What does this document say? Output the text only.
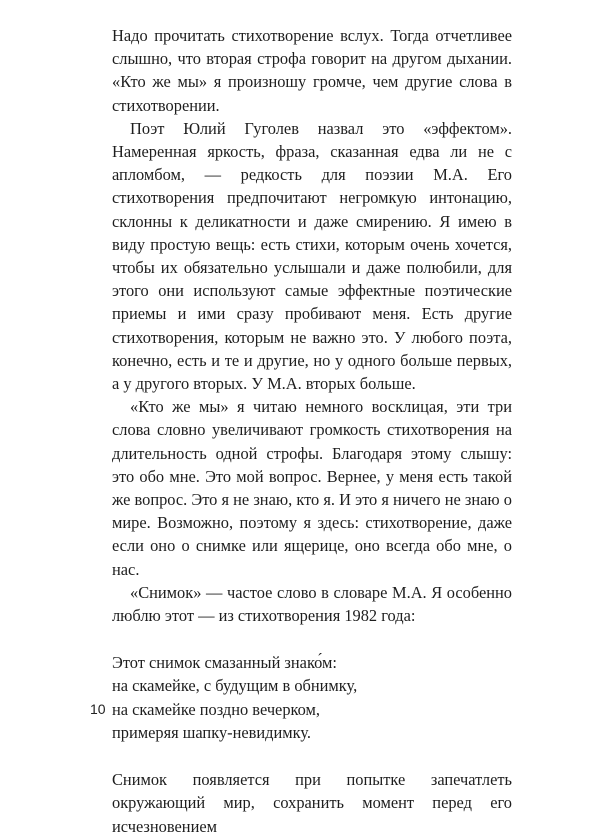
Надо прочитать стихотворение вслух. Тогда отчетливее слышно, что вторая строфа говорит на другом дыхании. «Кто же мы» я произношу громче, чем другие слова в стихотворении.

Поэт Юлий Гуголев назвал это «эффектом». Намеренная яркость, фраза, сказанная едва ли не с апломбом, — редкость для поэзии М.А. Его стихотворения предпочитают негромкую интонацию, склонны к деликатности и даже смирению. Я имею в виду простую вещь: есть стихи, которым очень хочется, чтобы их обязательно услышали и даже полюбили, для этого они используют самые эффектные поэтические приемы и ими сразу пробивают меня. Есть другие стихотворения, которым не важно это. У любого поэта, конечно, есть и те и другие, но у одного больше первых, а у другого вторых. У М.А. вторых больше.

«Кто же мы» я читаю немного восклицая, эти три слова словно увеличивают громкость стихотворения на длительность одной строфы. Благодаря этому слышу: это обо мне. Это мой вопрос. Вернее, у меня есть такой же вопрос. Это я не знаю, кто я. И это я ничего не знаю о мире. Возможно, поэтому я здесь: стихотворение, даже если оно о снимке или ящерице, оно всегда обо мне, о нас.

«Снимок» — частое слово в словаре М.А. Я особенно люблю этот — из стихотворения 1982 года:

Этот снимок смазанный знако́м:
на скамейке, с будущим в обнимку,
на скамейке поздно вечерком,
примеряя шапку-невидимку.

Снимок появляется при попытке запечатлеть окружающий мир, сохранить момент перед его исчезновением

10
